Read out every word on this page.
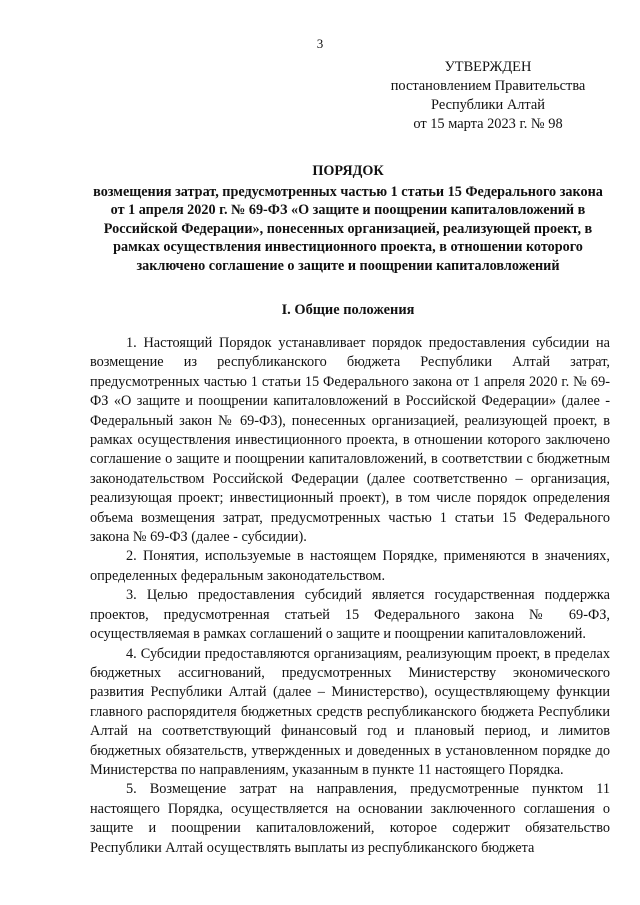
3
УТВЕРЖДЕН
постановлением Правительства
Республики Алтай
от 15 марта 2023 г. № 98
ПОРЯДОК
возмещения затрат, предусмотренных частью 1 статьи 15 Федерального закона от 1 апреля 2020 г. № 69-ФЗ «О защите и поощрении капиталовложений в Российской Федерации», понесенных организацией, реализующей проект, в рамках осуществления инвестиционного проекта, в отношении которого заключено соглашение о защите и поощрении капиталовложений
I. Общие положения

1. Настоящий Порядок устанавливает порядок предоставления субсидии на возмещение из республиканского бюджета Республики Алтай затрат, предусмотренных частью 1 статьи 15 Федерального закона от 1 апреля 2020 г. № 69-ФЗ «О защите и поощрении капиталовложений в Российской Федерации» (далее - Федеральный закон № 69-ФЗ), понесенных организацией, реализующей проект, в рамках осуществления инвестиционного проекта, в отношении которого заключено соглашение о защите и поощрении капиталовложений, в соответствии с бюджетным законодательством Российской Федерации (далее соответственно – организация, реализующая проект; инвестиционный проект), в том числе порядок определения объема возмещения затрат, предусмотренных частью 1 статьи 15 Федерального закона № 69-ФЗ (далее - субсидии).

2. Понятия, используемые в настоящем Порядке, применяются в значениях, определенных федеральным законодательством.

3. Целью предоставления субсидий является государственная поддержка проектов, предусмотренная статьей 15 Федерального закона № 69-ФЗ, осуществляемая в рамках соглашений о защите и поощрении капиталовложений.

4. Субсидии предоставляются организациям, реализующим проект, в пределах бюджетных ассигнований, предусмотренных Министерству экономического развития Республики Алтай (далее – Министерство), осуществляющему функции главного распорядителя бюджетных средств республиканского бюджета Республики Алтай на соответствующий финансовый год и плановый период, и лимитов бюджетных обязательств, утвержденных и доведенных в установленном порядке до Министерства по направлениям, указанным в пункте 11 настоящего Порядка.

5. Возмещение затрат на направления, предусмотренные пунктом 11 настоящего Порядка, осуществляется на основании заключенного соглашения о защите и поощрении капиталовложений, которое содержит обязательство Республики Алтай осуществлять выплаты из республиканского бюджета
